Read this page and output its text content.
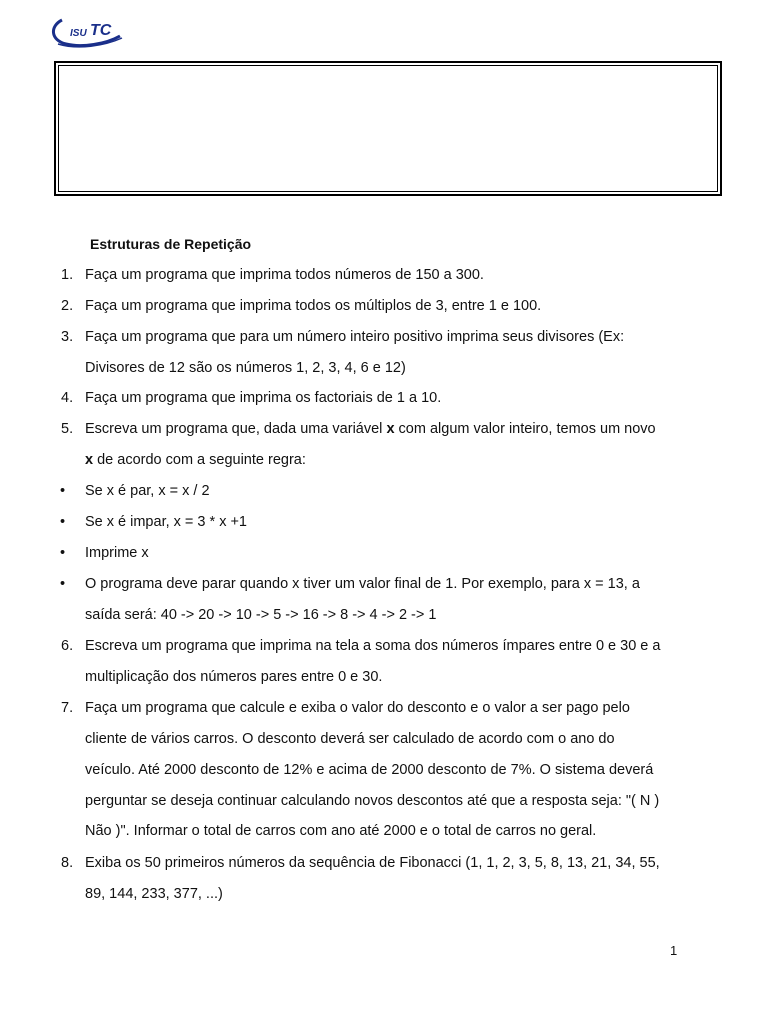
ISU TC
Estruturas de Repetição
1. Faça um programa que imprima todos números de 150 a 300.
2. Faça um programa que imprima todos os múltiplos de 3, entre 1 e 100.
3. Faça um programa que para um número inteiro positivo imprima seus divisores (Ex:
Divisores de 12 são os números 1, 2, 3, 4, 6 e 12)
4. Faça um programa que imprima os factoriais de 1 a 10.
5. Escreva um programa que, dada uma variável x com algum valor inteiro, temos um novo
x de acordo com a seguinte regra:
• Se x é par, x = x / 2
• Se x é impar, x = 3 * x +1
• Imprime x
• O programa deve parar quando x tiver um valor final de 1. Por exemplo, para x = 13, a
saída será: 40 -> 20 -> 10 -> 5 -> 16 -> 8 -> 4 -> 2 -> 1
6. Escreva um programa que imprima na tela a soma dos números ímpares entre 0 e 30 e a
multiplicação dos números pares entre 0 e 30.
7. Faça um programa que calcule e exiba o valor do desconto e o valor a ser pago pelo
cliente de vários carros. O desconto deverá ser calculado de acordo com o ano do
veículo. Até 2000 desconto de 12% e acima de 2000 desconto de 7%. O sistema deverá
perguntar se deseja continuar calculando novos descontos até que a resposta seja: "( N )
Não )". Informar o total de carros com ano até 2000 e o total de carros no geral.
8. Exiba os 50 primeiros números da sequência de Fibonacci (1, 1, 2, 3, 5, 8, 13, 21, 34, 55,
89, 144, 233, 377, ...)
1
